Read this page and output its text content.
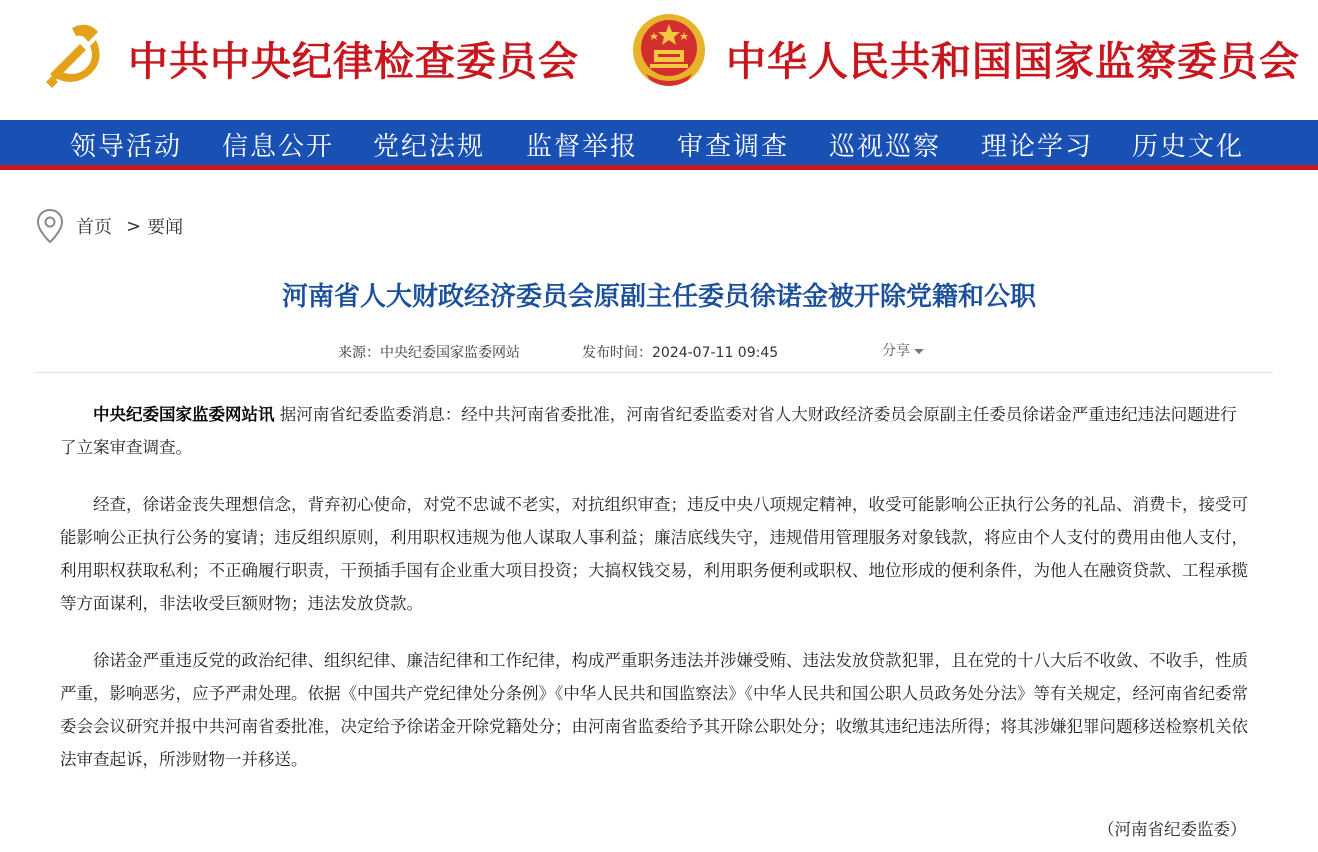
中共中央纪律检查委员会	中华人民共和国国家监察委员会
领导活动 信息公开 党纪法规 监督举报 审查调查 巡视巡察 理论学习 历史文化
首页 > 要闻
河南省人大财政经济委员会原副主任委员徐诺金被开除党籍和公职
来源：中央纪委国家监委网站	发布时间：2024-07-11 09:45	分享

中央纪委国家监委网站讯 据河南省纪委监委消息：经中共河南省委批准，河南省纪委监委对省人大财政经济委员会原副主任委员徐诺金严重违纪违法问题进行了立案审查调查。

经查，徐诺金丧失理想信念，背弃初心使命，对党不忠诚不老实，对抗组织审查；违反中央八项规定精神，收受可能影响公正执行公务的礼品、消费卡，接受可能影响公正执行公务的宴请；违反组织原则，利用职权违规为他人谋取人事利益；廉洁底线失守，违规借用管理服务对象钱款，将应由个人支付的费用由他人支付，利用职权获取私利；不正确履行职责，干预插手国有企业重大项目投资；大搞权钱交易，利用职务便利或职权、地位形成的便利条件，为他人在融资贷款、工程承揽等方面谋利，非法收受巨额财物；违法发放贷款。

徐诺金严重违反党的政治纪律、组织纪律、廉洁纪律和工作纪律，构成严重职务违法并涉嫌受贿、违法发放贷款犯罪，且在党的十八大后不收敛、不收手，性质严重，影响恶劣，应予严肃处理。依据《中国共产党纪律处分条例》《中华人民共和国监察法》《中华人民共和国公职人员政务处分法》等有关规定，经河南省纪委常委会会议研究并报中共河南省委批准，决定给予徐诺金开除党籍处分；由河南省监委给予其开除公职处分；收缴其违纪违法所得；将其涉嫌犯罪问题移送检察机关依法审查起诉，所涉财物一并移送。

（河南省纪委监委）
